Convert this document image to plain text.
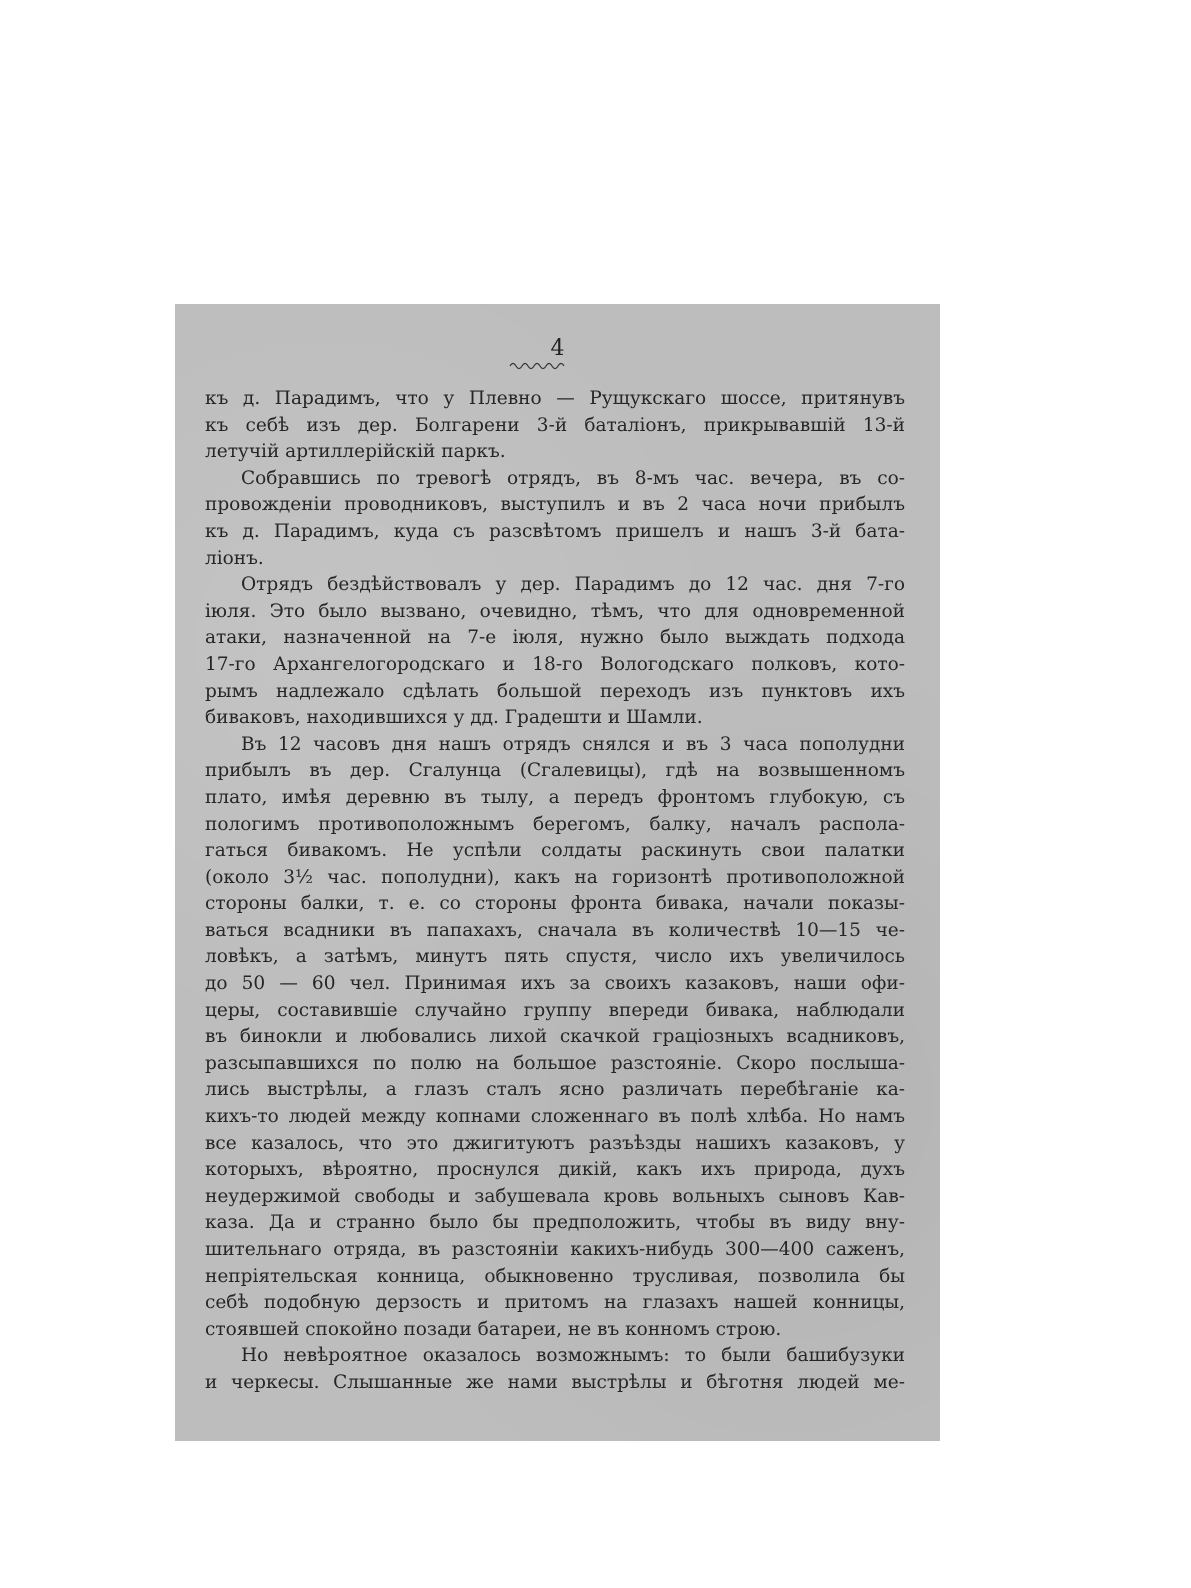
4
къ д. Парадимъ, что у Плевно — Рущукскаго шоссе, притянувъ
къ себѣ изъ дер. Болгарени 3-й баталіонъ, прикрывавшій 13-й
летучій артиллерійскій паркъ.
Собравшись по тревогѣ отрядъ, въ 8-мъ час. вечера, въ со-
провожденіи проводниковъ, выступилъ и въ 2 часа ночи прибылъ
къ д. Парадимъ, куда съ разсвѣтомъ пришелъ и нашъ 3-й бата-
ліонъ.
Отрядъ бездѣйствовалъ у дер. Парадимъ до 12 час. дня 7-го
іюля. Это было вызвано, очевидно, тѣмъ, что для одновременной
атаки, назначенной на 7-е іюля, нужно было выждать подхода
17-го Архангелогородскаго и 18-го Вологодскаго полковъ, кото-
рымъ надлежало сдѣлать большой переходъ изъ пунктовъ ихъ
биваковъ, находившихся у дд. Градешти и Шамли.
Въ 12 часовъ дня нашъ отрядъ снялся и въ 3 часа пополудни
прибылъ въ дер. Сгалунца (Сгалевицы), гдѣ на возвышенномъ
плато, имѣя деревню въ тылу, а передъ фронтомъ глубокую, съ
пологимъ противоположнымъ берегомъ, балку, началъ распола-
гаться бивакомъ. Не успѣли солдаты раскинуть свои палатки
(около 3½ час. пополудни), какъ на горизонтѣ противоположной
стороны балки, т. е. со стороны фронта бивака, начали показы-
ваться всадники въ папахахъ, сначала въ количествѣ 10—15 че-
ловѣкъ, а затѣмъ, минутъ пять спустя, число ихъ увеличилось
до 50 — 60 чел. Принимая ихъ за своихъ казаковъ, наши офи-
церы, составившіе случайно группу впереди бивака, наблюдали
въ бинокли и любовались лихой скачкой граціозныхъ всадниковъ,
разсыпавшихся по полю на большое разстояніе. Скоро послыша-
лись выстрѣлы, а глазъ сталъ ясно различать перебѣганіе ка-
кихъ-то людей между копнами сложеннаго въ полѣ хлѣба. Но намъ
все казалось, что это джигитуютъ разъѣзды нашихъ казаковъ, у
которыхъ, вѣроятно, проснулся дикій, какъ ихъ природа, духъ
неудержимой свободы и забушевала кровь вольныхъ сыновъ Кав-
каза. Да и странно было бы предположить, чтобы въ виду вну-
шительнаго отряда, въ разстояніи какихъ-нибудь 300—400 саженъ,
непріятельская конница, обыкновенно трусливая, позволила бы
себѣ подобную дерзость и притомъ на глазахъ нашей конницы,
стоявшей спокойно позади батареи, не въ конномъ строю.
Но невѣроятное оказалось возможнымъ: то были башибузуки
и черкесы. Слышанные же нами выстрѣлы и бѣготня людей ме-
